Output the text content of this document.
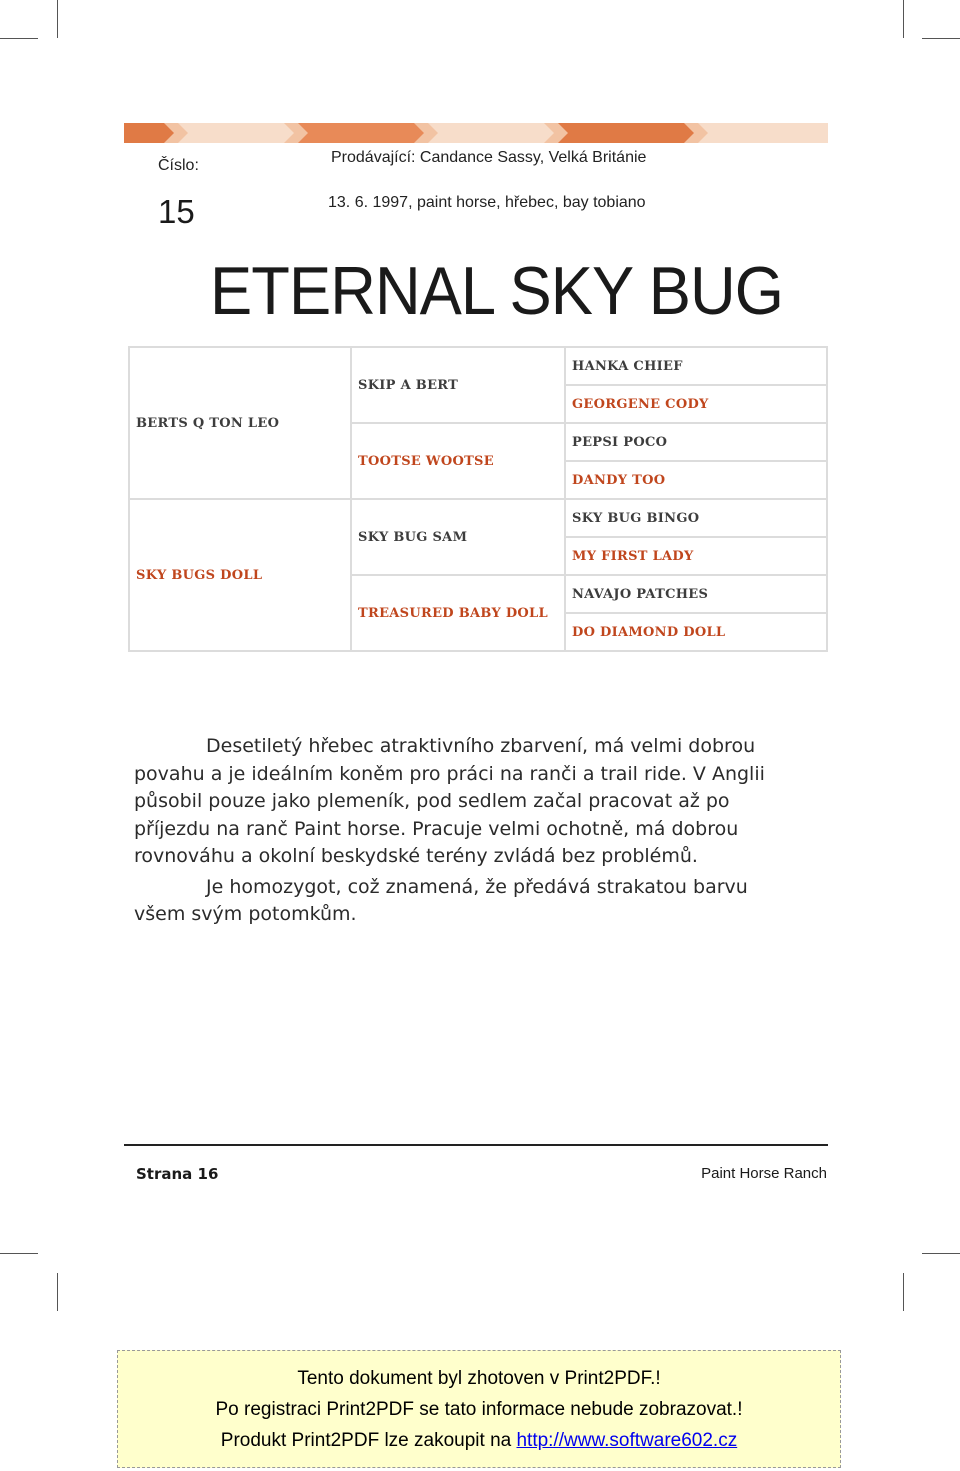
Číslo:
15
Prodávající: Candance Sassy, Velká Británie
13. 6. 1997, paint horse, hřebec, bay tobiano
ETERNAL SKY BUG
BERTS Q TON LEO	SKIP A BERT	HANKA CHIEF
		GEORGENE CODY
	TOOTSE WOOTSE	PEPSI POCO
		DANDY TOO
SKY BUGS DOLL	SKY BUG SAM	SKY BUG BINGO
		MY FIRST LADY
	TREASURED BABY DOLL	NAVAJO PATCHES
		DO DIAMOND DOLL

Desetiletý hřebec atraktivního zbarvení, má velmi dobrou povahu a je ideálním koněm pro práci na ranči a trail ride. V Anglii působil pouze jako plemeník, pod sedlem začal pracovat až po příjezdu na ranč Paint horse. Pracuje velmi ochotně, má dobrou rovnováhu a okolní beskydské terény zvládá bez problémů.

Je homozygot, což znamená, že předává strakatou barvu všem svým potomkům.

Strana 16	Paint Horse Ranch
Tento dokument byl zhotoven v Print2PDF.!
Po registraci Print2PDF se tato informace nebude zobrazovat.!
Produkt Print2PDF lze zakoupit na http://www.software602.cz
